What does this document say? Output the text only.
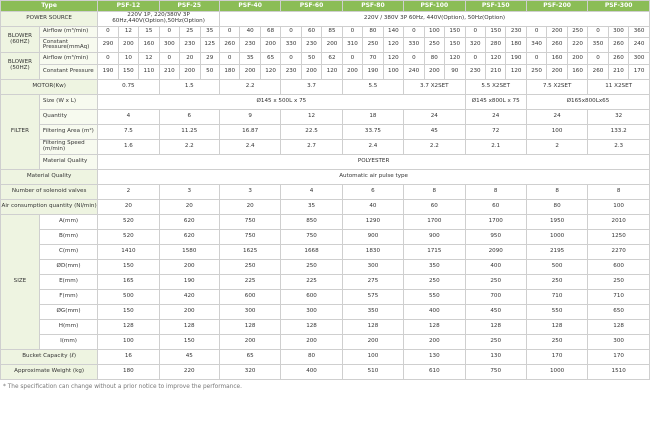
Type		PSF-12			PSF-25			PSF-40			PSF-60			PSF-80			PSF-100			PSF-150			PSF-200			PSF-300		
POWER SOURCE		220V 1P, 220/380V 3P 60Hz,440V(Option),50Hz(Option)						220V / 380V 3P 60Hz, 440V(Option), 50Hz(Option)																				
BLOWER (60HZ)	Airflow (m³/min)	0	12	15	0	25	35	0	40	68	0	60	85	0	80	140	0	100	150	0	150	230	0	200	250	0	300	360
	Constant Pressure(mmAq)	290	200	160	300	230	125	260	230	200	330	230	200	310	250	120	330	250	150	320	280	180	340	260	220	350	260	240
BLOWER (50HZ)	Airflow (m³/min)	0	10	12	0	20	29	0	35	65	0	50	62	0	70	120	0	80	120	0	120	190	0	160	200	0	260	300
	Constant Pressure	190	150	110	210	200	50	180	200	120	230	200	120	200	190	100	240	200	90	230	210	120	250	200	160	260	210	170
MOTOR(Kw)		0.75			1.5			2.2			3.7			5.5			3.7 X2SET			5.5 X2SET			7.5 X2SET			11 X2SET		
FILTER	Size (W x L)	Ø145 x 500L x 75																		Ø145 x800L x 75			Ø165x800Lx65					
	Quantity	4			6			9			12			18			24			24			24			32		
	Filtering Area (m²)	7.5			11.25			16.87			22.5			33.75			45			72			100			133.2		
	Filtering Speed (m/min)	1.6			2.2			2.4			2.7			2.4			2.2			2.1			2			2.3		
	Material Quality	POLYESTER																										
Material Quality		Automatic air pulse type																										
Number of solenoid valves		2			3			3			4			6			8			8			8			8		
Air consumption quantity (Nl/min)		20			20			20			35			40			60			60			80			100		
SIZE	A(mm)	520			620			750			850			1290			1700			1700			1950			2010		
	B(mm)	520			620			750			750			900			900			950			1000			1250		
	C(mm)	1410			1580			1625			1668			1830			1715			2090			2195			2270		
	ØD(mm)	150			200			250			250			300			350			400			500			600		
	E(mm)	165			190			225			225			275			250			250			250			250		
	F(mm)	500			420			600			600			575			550			700			710			710		
	ØG(mm)	150			200			300			300			350			400			450			550			650		
	H(mm)	128			128			128			128			128			128			128			128			128		
	I(mm)	100			150			200			200			200			200			250			250			300		
Bucket Capacity (ℓ)		16			45			65			80			100			130			130			170			170		
Approximate Weight (kg)		180			220			320			400			510			610			750			1000			1510		
* The specification can change without a prior notice to improve the performance.
